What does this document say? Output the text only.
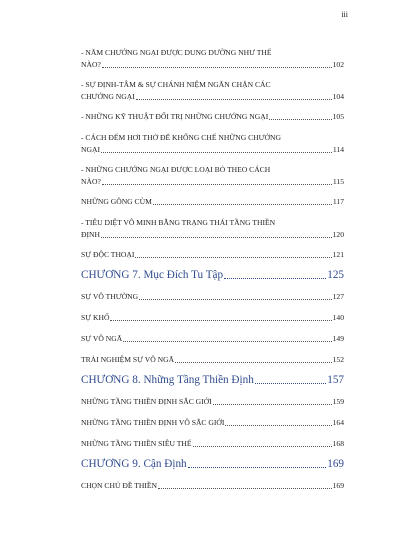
iii
- NĂM CHƯỚNG NGẠI ĐƯỢC DUNG DƯỠNG NHƯ THẾ
NÀO?	102
- SỰ ĐỊNH-TÂM & SỰ CHÁNH NIỆM NGĂN CHẶN CÁC
CHƯỚNG NGẠI	104
- NHỮNG KỸ THUẬT ĐỐI TRỊ NHỮNG CHƯỚNG NGẠI	105
- CÁCH ĐẾM HƠI THỞ ĐỂ KHỐNG CHẾ NHỮNG CHƯỚNG
NGẠI	114
- NHỮNG CHƯỚNG NGẠI ĐƯỢC LOẠI BỎ THEO CÁCH
NÀO?	115
NHỮNG GÔNG CÙM	117
- TIÊU DIỆT VÔ MINH BẰNG TRẠNG THÁI TẦNG THIỀN
ĐỊNH	120
SỰ ĐỘC THOẠI	121
CHƯƠNG 7. Mục Đích Tu Tập	125
SỰ VÔ THƯỜNG	127
SỰ KHỔ	140
SỰ VÔ NGÃ	149
TRẢI NGHIỆM SỰ VÔ NGÃ	152
CHƯƠNG 8. Những Tầng Thiền Định	157
NHỮNG TẦNG THIỀN ĐỊNH SẮC GIỚI	159
NHỮNG TẦNG THIỀN ĐỊNH VÔ SẮC GIỚI	164
NHỮNG TẦNG THIỀN SIÊU THẾ	168
CHƯƠNG 9. Cận Định	169
CHỌN CHỦ ĐỀ THIỀN	169
